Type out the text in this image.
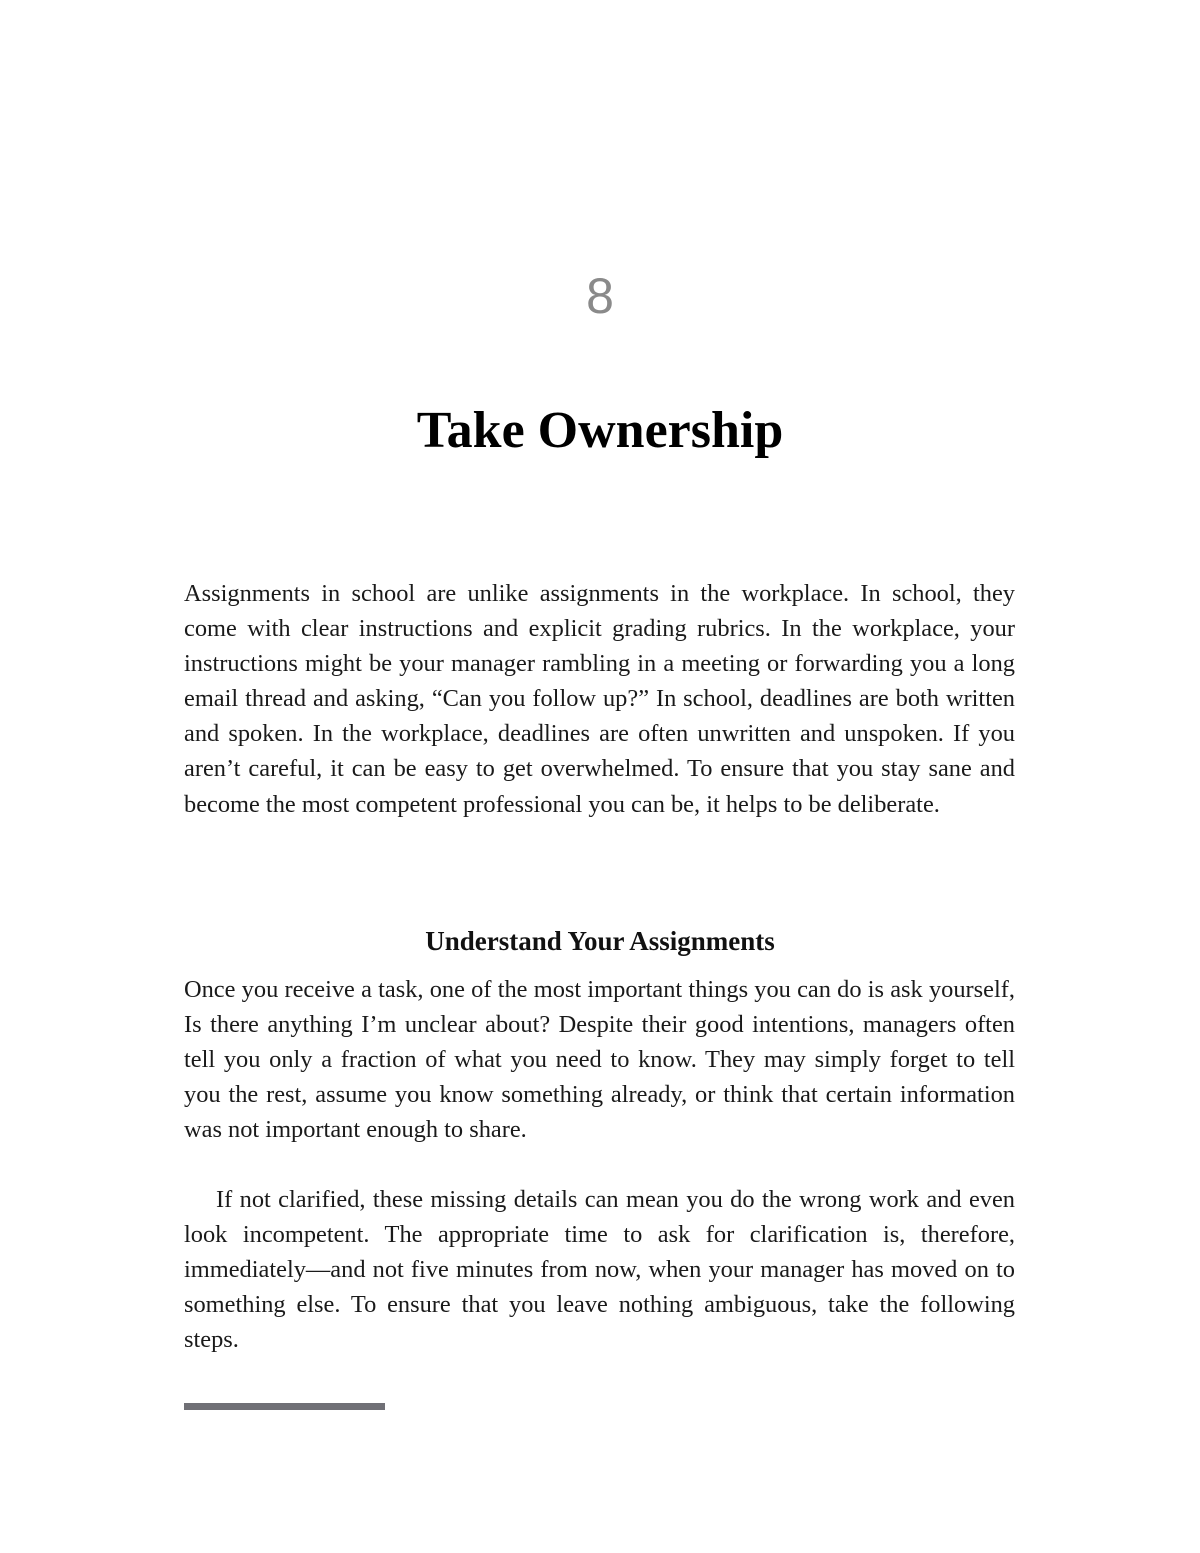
8
Take Ownership

Assignments in school are unlike assignments in the workplace. In school, they come with clear instructions and explicit grading rubrics. In the workplace, your instructions might be your manager rambling in a meeting or forwarding you a long email thread and asking, “Can you follow up?” In school, deadlines are both written and spoken. In the workplace, deadlines are often unwritten and unspoken. If you aren’t careful, it can be easy to get overwhelmed. To ensure that you stay sane and become the most competent professional you can be, it helps to be deliberate.

Understand Your Assignments

Once you receive a task, one of the most important things you can do is ask yourself, Is there anything I’m unclear about? Despite their good intentions, managers often tell you only a fraction of what you need to know. They may simply forget to tell you the rest, assume you know something already, or think that certain information was not important enough to share.

If not clarified, these missing details can mean you do the wrong work and even look incompetent. The appropriate time to ask for clarification is, therefore, immediately—and not five minutes from now, when your manager has moved on to something else. To ensure that you leave nothing ambiguous, take the following steps.
